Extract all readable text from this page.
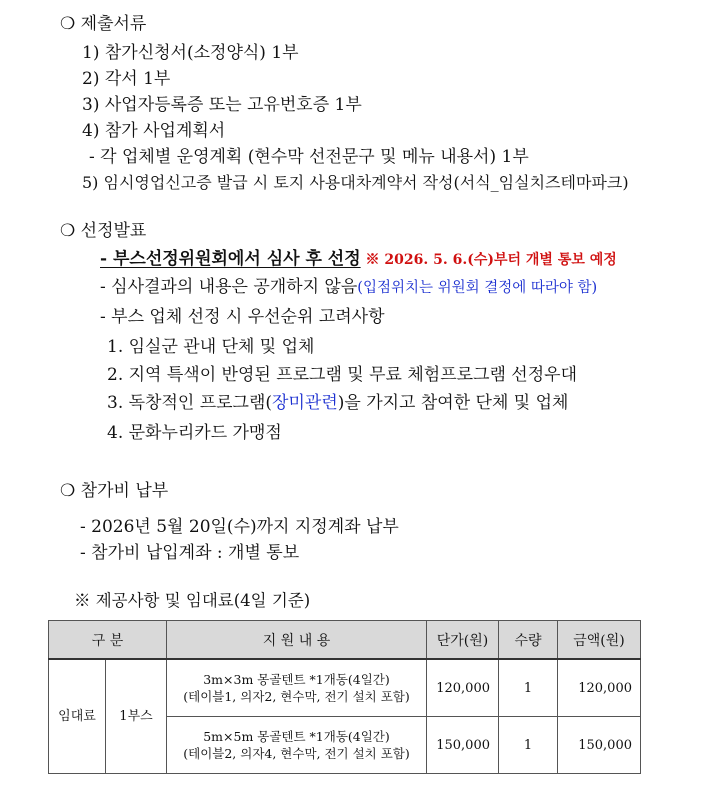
❍ 제출서류
1) 참가신청서(소정양식) 1부
2) 각서 1부
3) 사업자등록증 또는 고유번호증 1부
4) 참가 사업계획서
- 각 업체별 운영계획 (현수막 선전문구 및 메뉴 내용서) 1부
5) 임시영업신고증 발급 시 토지 사용대차계약서 작성(서식_임실치즈테마파크)
❍ 선정발표
- 부스선정위원회에서 심사 후 선정 ※ 2026. 5. 6.(수)부터 개별 통보 예정
- 심사결과의 내용은 공개하지 않음(입점위치는 위원회 결정에 따라야 함)
- 부스 업체 선정 시 우선순위 고려사항
1. 임실군 관내 단체 및 업체
2. 지역 특색이 반영된 프로그램 및 무료 체험프로그램 선정우대
3. 독창적인 프로그램(장미관련)을 가지고 참여한 단체 및 업체
4. 문화누리카드 가맹점
❍ 참가비 납부
- 2026년 5월 20일(수)까지 지정계좌 납부
- 참가비 납입계좌 : 개별 통보
※ 제공사항 및 임대료(4일 기준)
구 분		지 원 내 용	단가(원)	수량	금액(원)
임대료	1부스	3m×3m 몽골텐트 *1개동(4일간)
(테이블1, 의자2, 현수막, 전기 설치 포함)	120,000	1	120,000

		5m×5m 몽골텐트 *1개동(4일간)
(테이블2, 의자4, 현수막, 전기 설치 포함)	150,000	1	150,000
